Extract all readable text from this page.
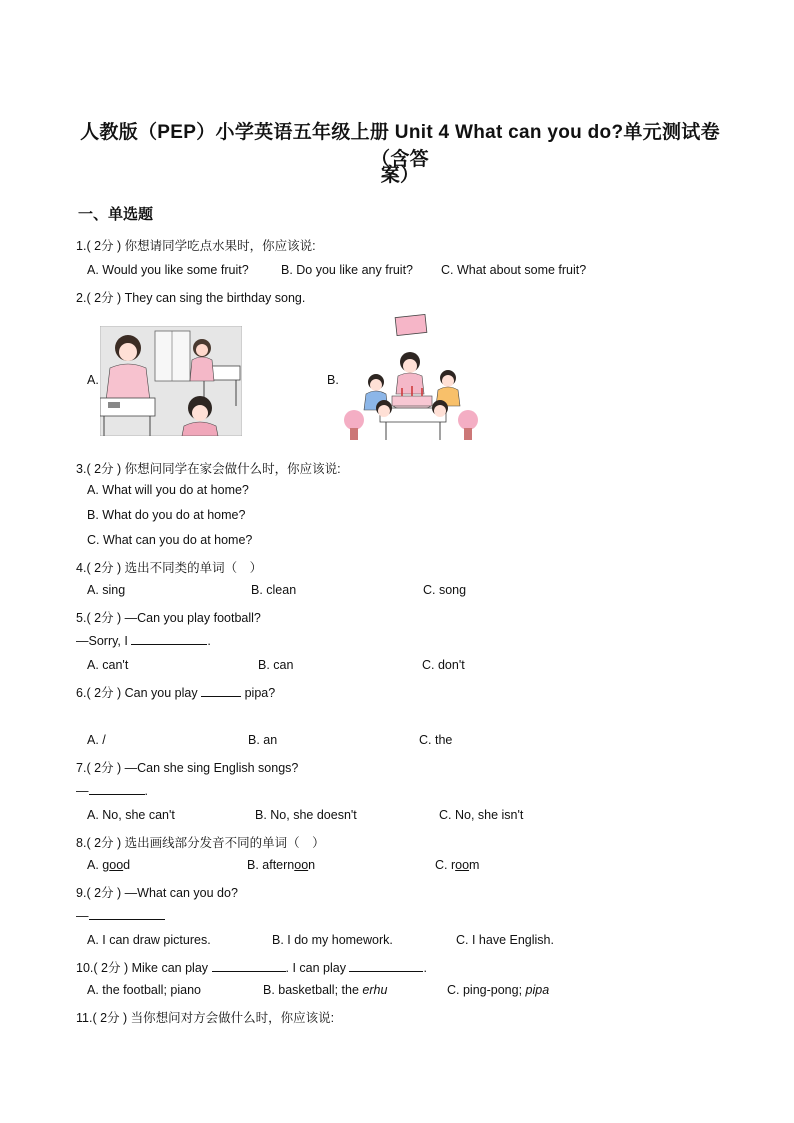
人教版（PEP）小学英语五年级上册 Unit 4 What can you do?单元测试卷（含答
案）
一、单选题
1.( 2分 ) 你想请同学吃点水果时，你应该说:
A. Would you like some fruit?	B. Do you like any fruit? C. What about some fruit?
2.( 2分 ) They can sing the birthday song.
A.	B.
3.( 2分 ) 你想问同学在家会做什么时，你应该说:
A. What will you do at home?
B. What do you do at home?
C. What can you do at home?
4.( 2分 ) 选出不同类的单词（　）
A. sing	B. clean	C. song
5.( 2分 ) —Can you play football?
—Sorry, I	.
A. can't	B. can	C. don't
6.( 2分 ) Can you play	pipa?
A. /	B. an	C. the
7.( 2分 ) —Can she sing English songs?
—	.
A. No, she can't	B. No, she doesn't	C. No, she isn't
8.( 2分 ) 选出画线部分发音不同的单词（　）
A. good	B. afternoon	C. room
9.( 2分 ) —What can you do?
—
A. I can draw pictures.	B. I do my homework.	C. I have English.
10.( 2分 ) Mike can play	. I can play	.
A. the football; piano	B. basketball; the erhu	C. ping-pong; pipa
11.( 2分 ) 当你想问对方会做什么时，你应该说:
